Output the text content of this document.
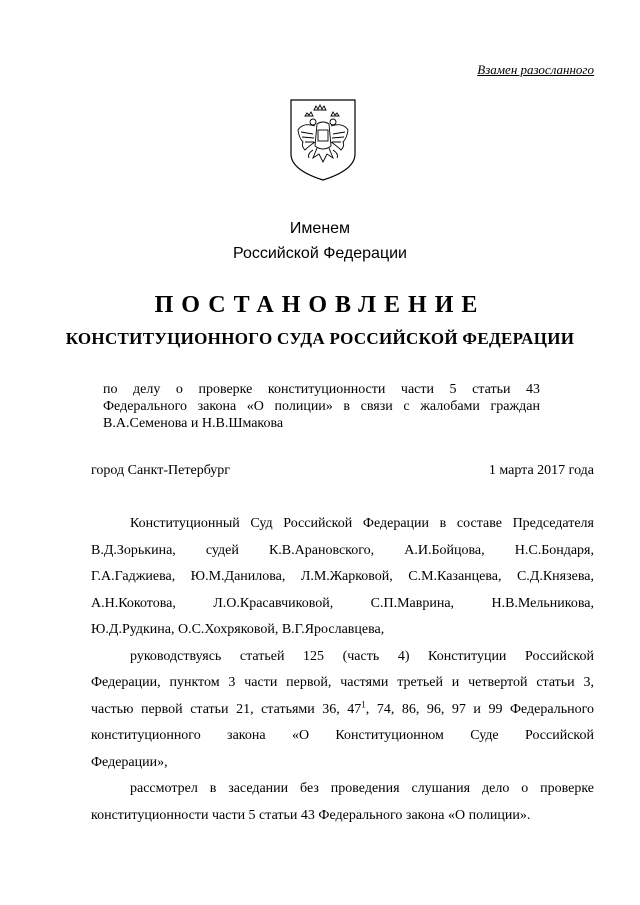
Взамен разосланного
Именем
Российской Федерации
ПОСТАНОВЛЕНИЕ
КОНСТИТУЦИОННОГО СУДА РОССИЙСКОЙ ФЕДЕРАЦИИ
по делу о проверке конституционности части 5 статьи 43
Федерального закона «О полиции» в связи с жалобами граждан
В.А.Семенова и Н.В.Шмакова
город Санкт-Петербург	1 марта 2017 года
Конституционный Суд Российской Федерации в составе Председателя
В.Д.Зорькина, судей К.В.Арановского, А.И.Бойцова, Н.С.Бондаря,
Г.А.Гаджиева, Ю.М.Данилова, Л.М.Жарковой, С.М.Казанцева, С.Д.Князева,
А.Н.Кокотова, Л.О.Красавчиковой, С.П.Маврина, Н.В.Мельникова,
Ю.Д.Рудкина, О.С.Хохряковой, В.Г.Ярославцева,
руководствуясь статьей 125 (часть 4) Конституции Российской
Федерации, пунктом 3 части первой, частями третьей и четвертой статьи 3,
частью первой статьи 21, статьями 36, $47^1$, 74, 86, 96, 97 и 99 Федерального
конституционного закона «О Конституционном Суде Российской
Федерации»,
рассмотрел в заседании без проведения слушания дело о проверке
конституционности части 5 статьи 43 Федерального закона «О полиции».
